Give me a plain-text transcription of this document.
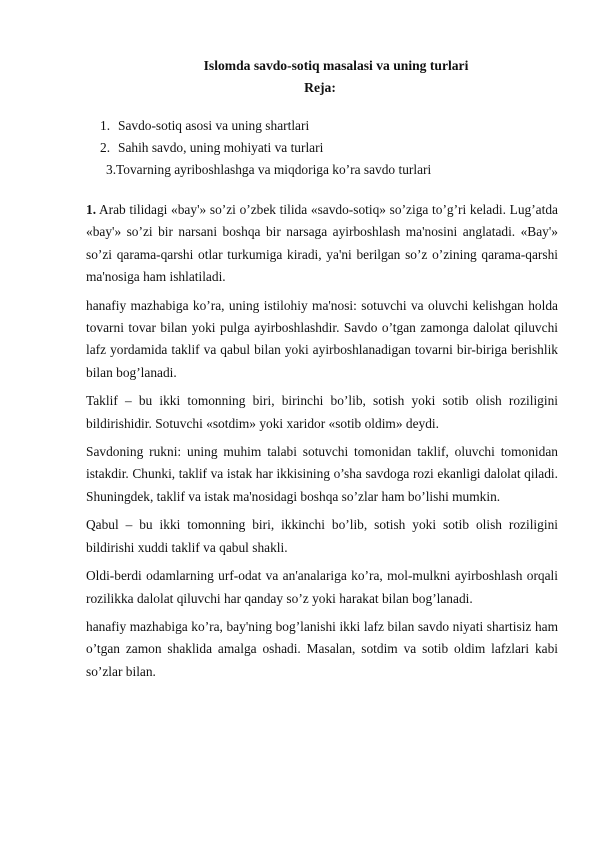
Islomda savdo-sotiq masalasi va uning turlari
Reja:
1. Savdo-sotiq asosi va uning shartlari
2. Sahih savdo, uning mohiyati va turlari
3.Tovarning ayriboshlashga va miqdoriga ko’ra savdo turlari

1. Arab tilidagi «bay'» so’zi o’zbek tilida «savdo-sotiq» so’ziga to’g’ri keladi. Lug’atda «bay'» so’zi bir narsani boshqa bir narsaga ayirboshlash ma'nosini anglatadi. «Bay'» so’zi qarama-qarshi otlar turkumiga kiradi, ya'ni berilgan so’z o’zining qarama-qarshi ma'nosiga ham ishlatiladi.

hanafiy mazhabiga ko’ra, uning istilohiy ma'nosi: sotuvchi va oluvchi kelishgan holda tovarni tovar bilan yoki pulga ayirboshlashdir. Savdo o’tgan zamonga dalolat qiluvchi lafz yordamida taklif va qabul bilan yoki ayirboshlanadigan tovarni bir-biriga berishlik bilan bog’lanadi.

Taklif – bu ikki tomonning biri, birinchi bo’lib, sotish yoki sotib olish roziligini bildirishidir. Sotuvchi «sotdim» yoki xaridor «sotib oldim» deydi.

Savdoning rukni: uning muhim talabi sotuvchi tomonidan taklif, oluvchi tomonidan istakdir. Chunki, taklif va istak har ikkisining o’sha savdoga rozi ekanligi dalolat qiladi. Shuningdek, taklif va istak ma'nosidagi boshqa so’zlar ham bo’lishi mumkin.

Qabul – bu ikki tomonning biri, ikkinchi bo’lib, sotish yoki sotib olish roziligini bildirishi xuddi taklif va qabul shakli.

Oldi-berdi odamlarning urf-odat va an'analariga ko’ra, mol-mulkni ayirboshlash orqali rozilikka dalolat qiluvchi har qanday so’z yoki harakat bilan bog’lanadi.

hanafiy mazhabiga ko’ra, bay'ning bog’lanishi ikki lafz bilan savdo niyati shartisiz ham o’tgan zamon shaklida amalga oshadi. Masalan, sotdim va sotib oldim lafzlari kabi so’zlar bilan.
